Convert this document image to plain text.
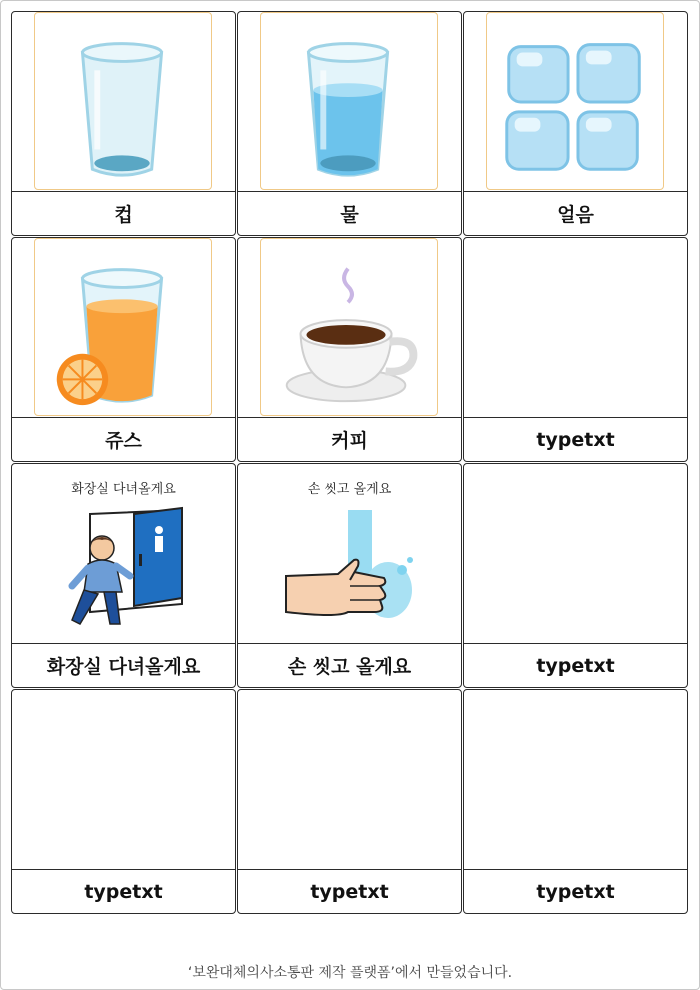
컵	물	얼음
쥬스	커피	typetxt
화장실 다녀올게요
화장실 다녀올게요
손 씻고 올게요
손 씻고 올게요	typetxt
typetxt	typetxt	typetxt
‘보완대체의사소통판 제작 플랫폼’에서 만들었습니다.
